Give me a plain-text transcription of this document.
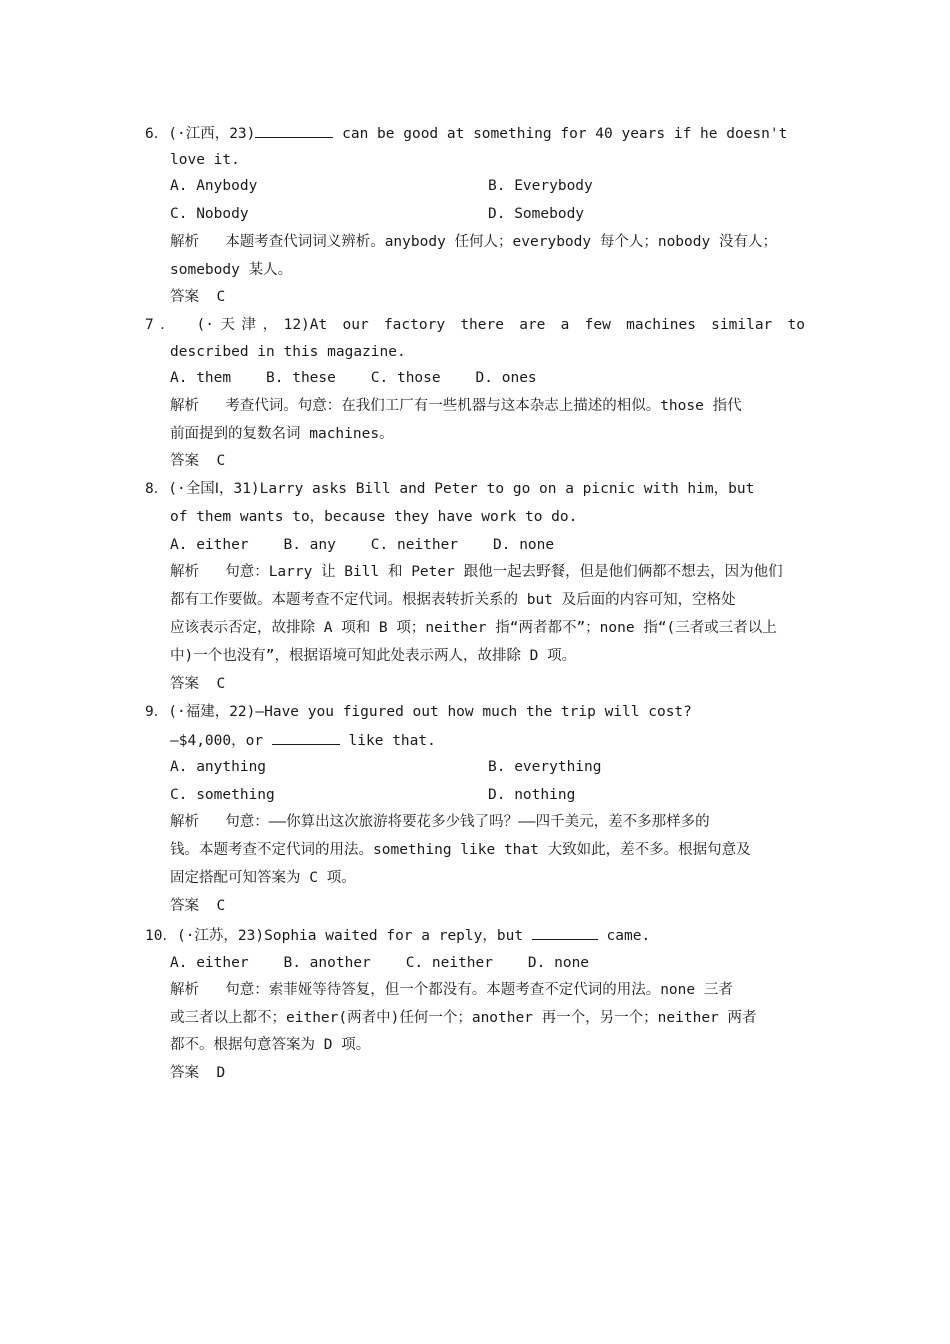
6．(·江西，23)	can be good at something for 40 years if he doesn't
love it.
A. Anybody	B. Everybody
C. Nobody	D. Somebody
解析 本题考查代词词义辨析。anybody 任何人；everybody 每个人；nobody 没有人；
somebody 某人。
答案 C
7． (·天津，12)At our factory there are a few machines similar to
described in this magazine.
A. them    B. these    C. those    D. ones
解析 考查代词。句意：在我们工厂有一些机器与这本杂志上描述的相似。those 指代
前面提到的复数名词 machines。
答案 C
8．(·全国Ⅰ，31)Larry asks Bill and Peter to go on a picnic with him，but
of them wants to，because they have work to do.
A. either    B. any    C. neither    D. none
解析 句意：Larry 让 Bill 和 Peter 跟他一起去野餐，但是他们俩都不想去，因为他们
都有工作要做。本题考查不定代词。根据表转折关系的 but 及后面的内容可知，空格处
应该表示否定，故排除 A 项和 B 项；neither 指“两者都不”；none 指“(三者或三者以上
中)一个也没有”，根据语境可知此处表示两人，故排除 D 项。
答案 C
9．(·福建，22)—Have you figured out how much the trip will cost?
—$4,000，or	like that.
A. anything	B. everything
C. something	D. nothing
解析 句意：——你算出这次旅游将要花多少钱了吗？——四千美元，差不多那样多的
钱。本题考查不定代词的用法。something like that 大致如此，差不多。根据句意及
固定搭配可知答案为 C 项。
答案 C
10．(·江苏，23)Sophia waited for a reply，but	came.
A. either    B. another    C. neither    D. none
解析 句意：索菲娅等待答复，但一个都没有。本题考查不定代词的用法。none 三者
或三者以上都不；either(两者中)任何一个；another 再一个，另一个；neither 两者
都不。根据句意答案为 D 项。
答案 D
